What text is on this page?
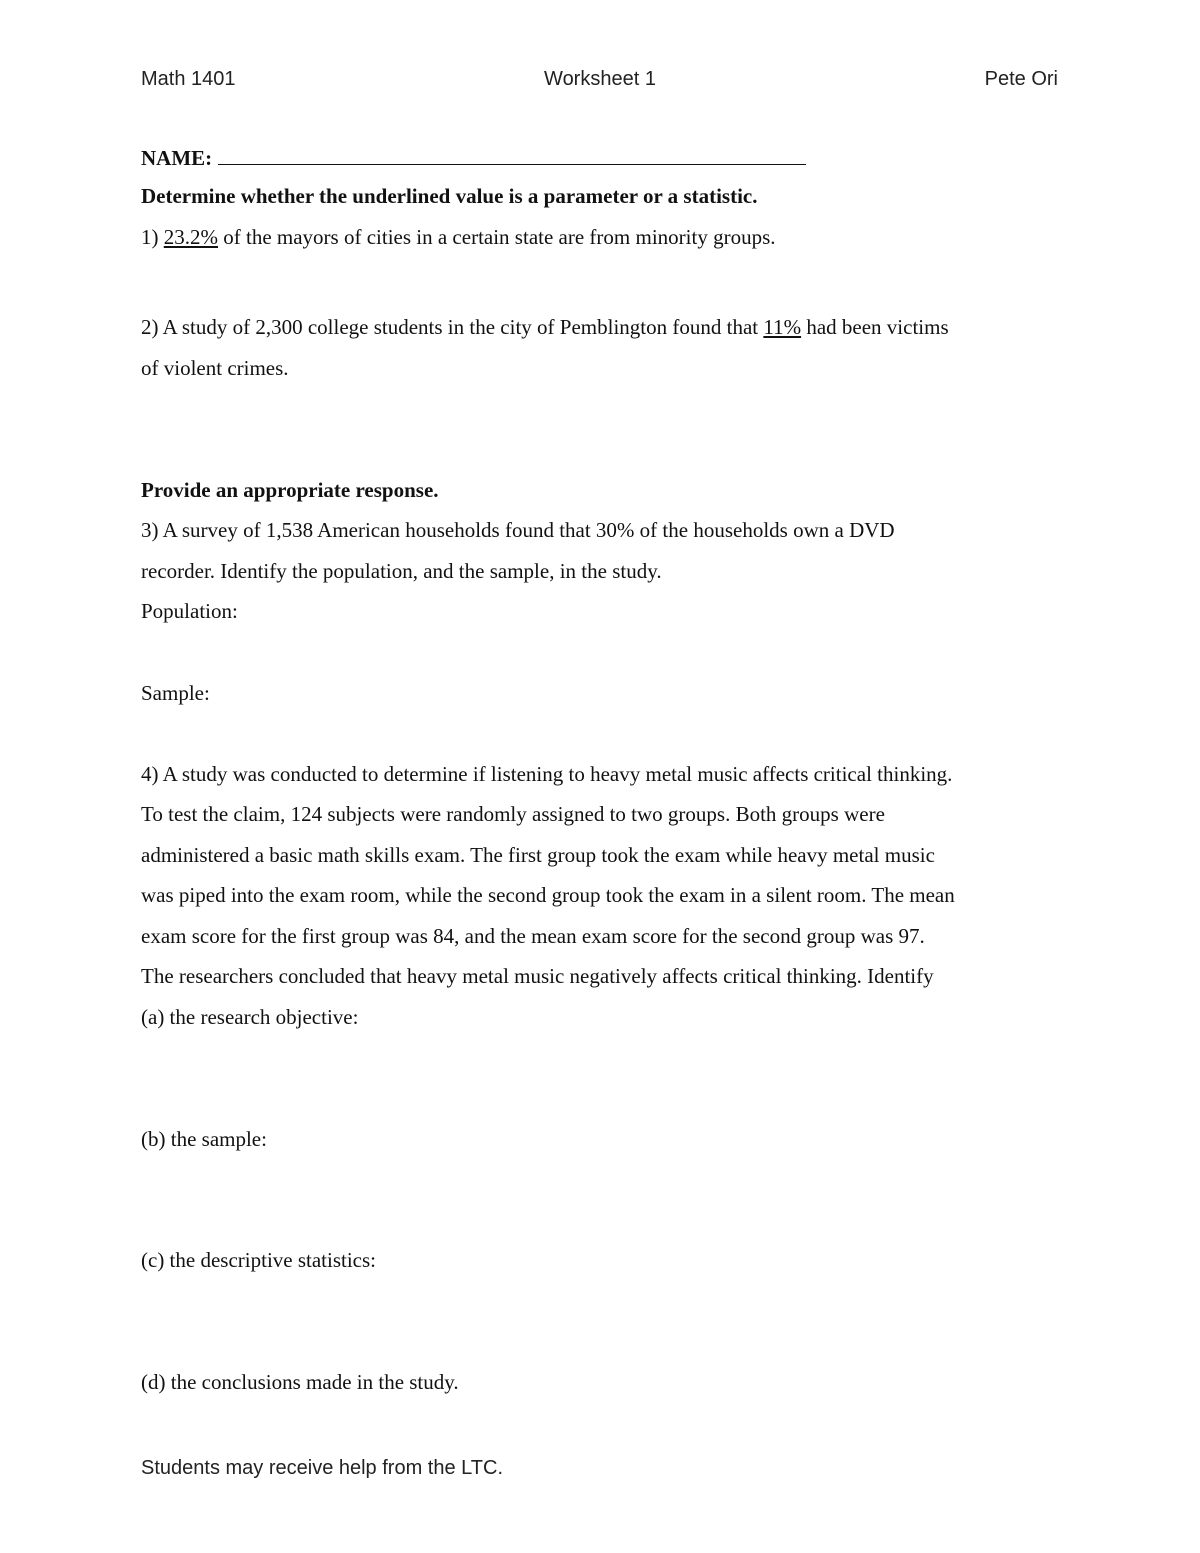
Math 1401	Worksheet 1	Pete Ori
NAME:
Determine whether the underlined value is a parameter or a statistic.
1) 23.2% of the mayors of cities in a certain state are from minority groups.
2) A study of 2,300 college students in the city of Pemblington found that 11% had been victims
of violent crimes.
Provide an appropriate response.
3) A survey of 1,538 American households found that 30% of the households own a DVD
recorder. Identify the population, and the sample, in the study.
Population:
Sample:
4) A study was conducted to determine if listening to heavy metal music affects critical thinking.
To test the claim, 124 subjects were randomly assigned to two groups. Both groups were
administered a basic math skills exam. The first group took the exam while heavy metal music
was piped into the exam room, while the second group took the exam in a silent room. The mean
exam score for the first group was 84, and the mean exam score for the second group was 97.
The researchers concluded that heavy metal music negatively affects critical thinking. Identify
(a) the research objective:
(b) the sample:
(c) the descriptive statistics:
(d) the conclusions made in the study.
Students may receive help from the LTC.
